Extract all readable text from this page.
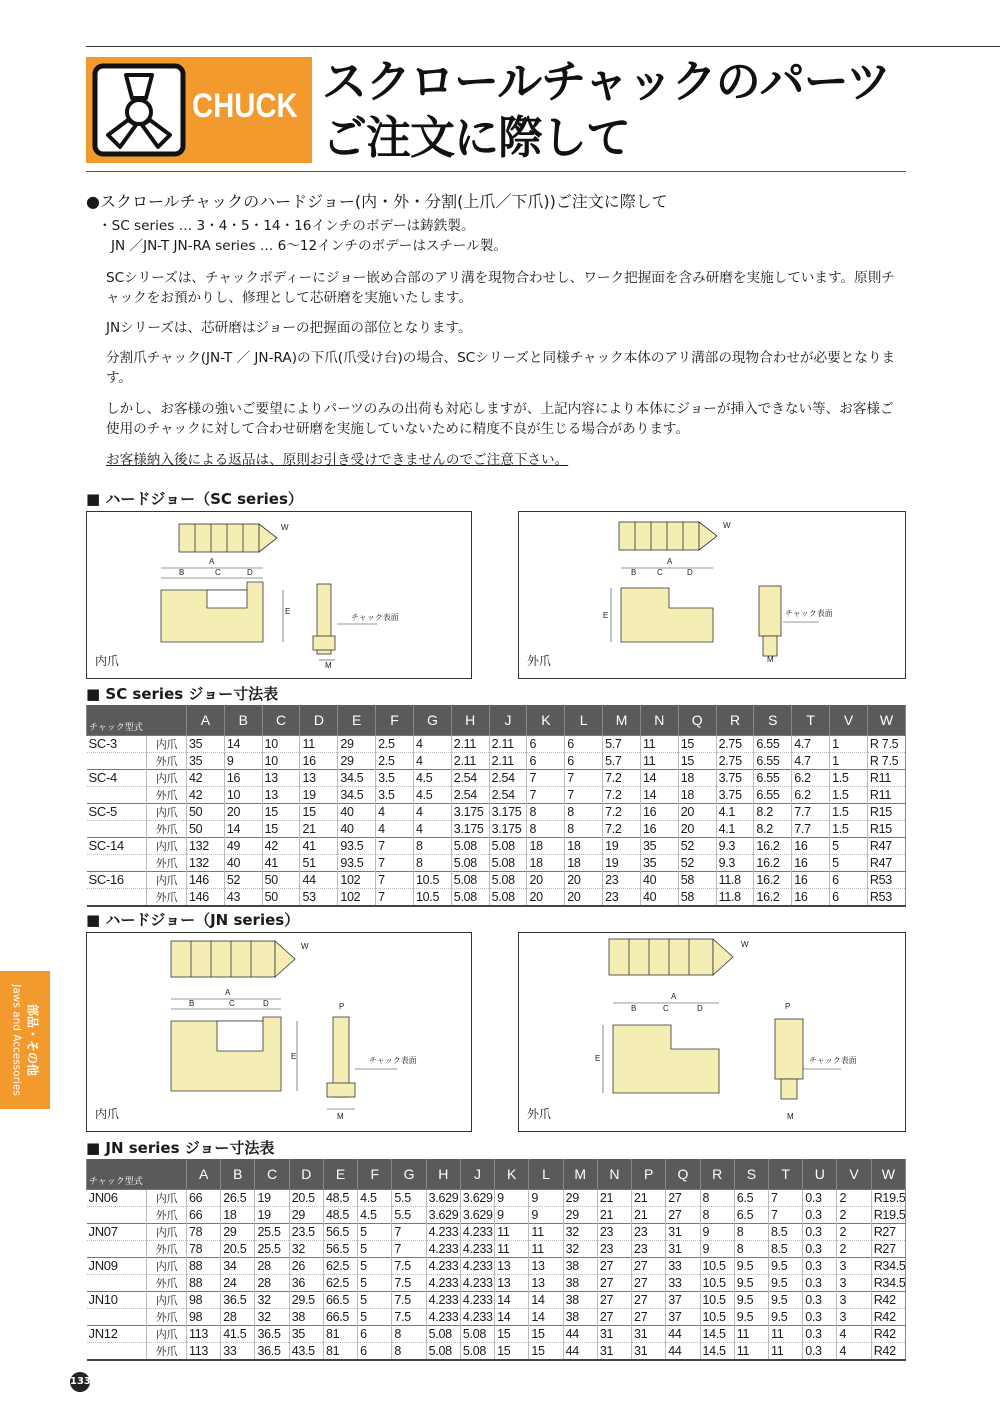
CHUCK スクロールチャックのパーツ
ご注文に際して
●スクロールチャックのハードジョー(内・外・分割(上爪／下爪))ご注文に際して
・SC series … 3・4・5・14・16インチのボデーは鋳鉄製。
JN ／JN-T JN-RA series … 6～12インチのボデーはスチール製。
SCシリーズは、チャックボディーにジョー嵌め合部のアリ溝を現物合わせし、ワーク把握面を含み研磨を実施しています。原則チャックをお預かりし、修理として芯研磨を実施いたします。
JNシリーズは、芯研磨はジョーの把握面の部位となります。
分割爪チャック(JN-T ／ JN-RA)の下爪(爪受け台)の場合、SCシリーズと同様チャック本体のアリ溝部の現物合わせが必要となります。
しかし、お客様の強いご要望によりパーツのみの出荷も対応しますが、上記内容により本体にジョーが挿入できない等、お客様ご使用のチャックに対して合わせ研磨を実施していないために精度不良が生じる場合があります。
お客様納入後による返品は、原則お引き受けできませんのでご注意下さい。
■ ハードジョー（SC series）
A
B	C	D
E
W
M
チャック表面
内爪
A
B	C	D
E
W
M
チャック表面
外爪
■ SC series ジョー寸法表
チャック型式		A	B	C	D	E	F	G	H	J	K	L	M	N	Q	R	S	T	V	W
SC-3	内爪	35	14	10	11	29	2.5	4	2.11	2.11	6	6	5.7	11	15	2.75	6.55	4.7	1	R 7.5
	外爪	35	9	10	16	29	2.5	4	2.11	2.11	6	6	5.7	11	15	2.75	6.55	4.7	1	R 7.5
SC-4	内爪	42	16	13	13	34.5	3.5	4.5	2.54	2.54	7	7	7.2	14	18	3.75	6.55	6.2	1.5	R11
	外爪	42	10	13	19	34.5	3.5	4.5	2.54	2.54	7	7	7.2	14	18	3.75	6.55	6.2	1.5	R11
SC-5	内爪	50	20	15	15	40	4	4	3.175	3.175	8	8	7.2	16	20	4.1	8.2	7.7	1.5	R15
	外爪	50	14	15	21	40	4	4	3.175	3.175	8	8	7.2	16	20	4.1	8.2	7.7	1.5	R15
SC-14	内爪	132	49	42	41	93.5	7	8	5.08	5.08	18	18	19	35	52	9.3	16.2	16	5	R47
	外爪	132	40	41	51	93.5	7	8	5.08	5.08	18	18	19	35	52	9.3	16.2	16	5	R47
SC-16	内爪	146	52	50	44	102	7	10.5	5.08	5.08	20	20	23	40	58	11.8	16.2	16	6	R53
	外爪	146	43	50	53	102	7	10.5	5.08	5.08	20	20	23	40	58	11.8	16.2	16	6	R53
■ ハードジョー（JN series）
A
B	C	D
E
W
M
チャック表面
P
内爪
A
B	C	D
E
W
M
チャック表面
P
外爪
■ JN series ジョー寸法表
チャック型式		A	B	C	D	E	F	G	H	J	K	L	M	N	P	Q	R	S	T	U	V	W
JN06	内爪	66	26.5	19	20.5	48.5	4.5	5.5	3.629	3.629	9	9	29	21	21	27	8	6.5	7	0.3	2	R19.5
	外爪	66	18	19	29	48.5	4.5	5.5	3.629	3.629	9	9	29	21	21	27	8	6.5	7	0.3	2	R19.5
JN07	内爪	78	29	25.5	23.5	56.5	5	7	4.233	4.233	11	11	32	23	23	31	9	8	8.5	0.3	2	R27
	外爪	78	20.5	25.5	32	56.5	5	7	4.233	4.233	11	11	32	23	23	31	9	8	8.5	0.3	2	R27
JN09	内爪	88	34	28	26	62.5	5	7.5	4.233	4.233	13	13	38	27	27	33	10.5	9.5	9.5	0.3	3	R34.5
	外爪	88	24	28	36	62.5	5	7.5	4.233	4.233	13	13	38	27	27	33	10.5	9.5	9.5	0.3	3	R34.5
JN10	内爪	98	36.5	32	29.5	66.5	5	7.5	4.233	4.233	14	14	38	27	27	37	10.5	9.5	9.5	0.3	3	R42
	外爪	98	28	32	38	66.5	5	7.5	4.233	4.233	14	14	38	27	27	37	10.5	9.5	9.5	0.3	3	R42
JN12	内爪	113	41.5	36.5	35	81	6	8	5.08	5.08	15	15	44	31	31	44	14.5	11	11	0.3	4	R42
	外爪	113	33	36.5	43.5	81	6	8	5.08	5.08	15	15	44	31	31	44	14.5	11	11	0.3	4	R42
部品・その他
Jaws and Accessories
133
